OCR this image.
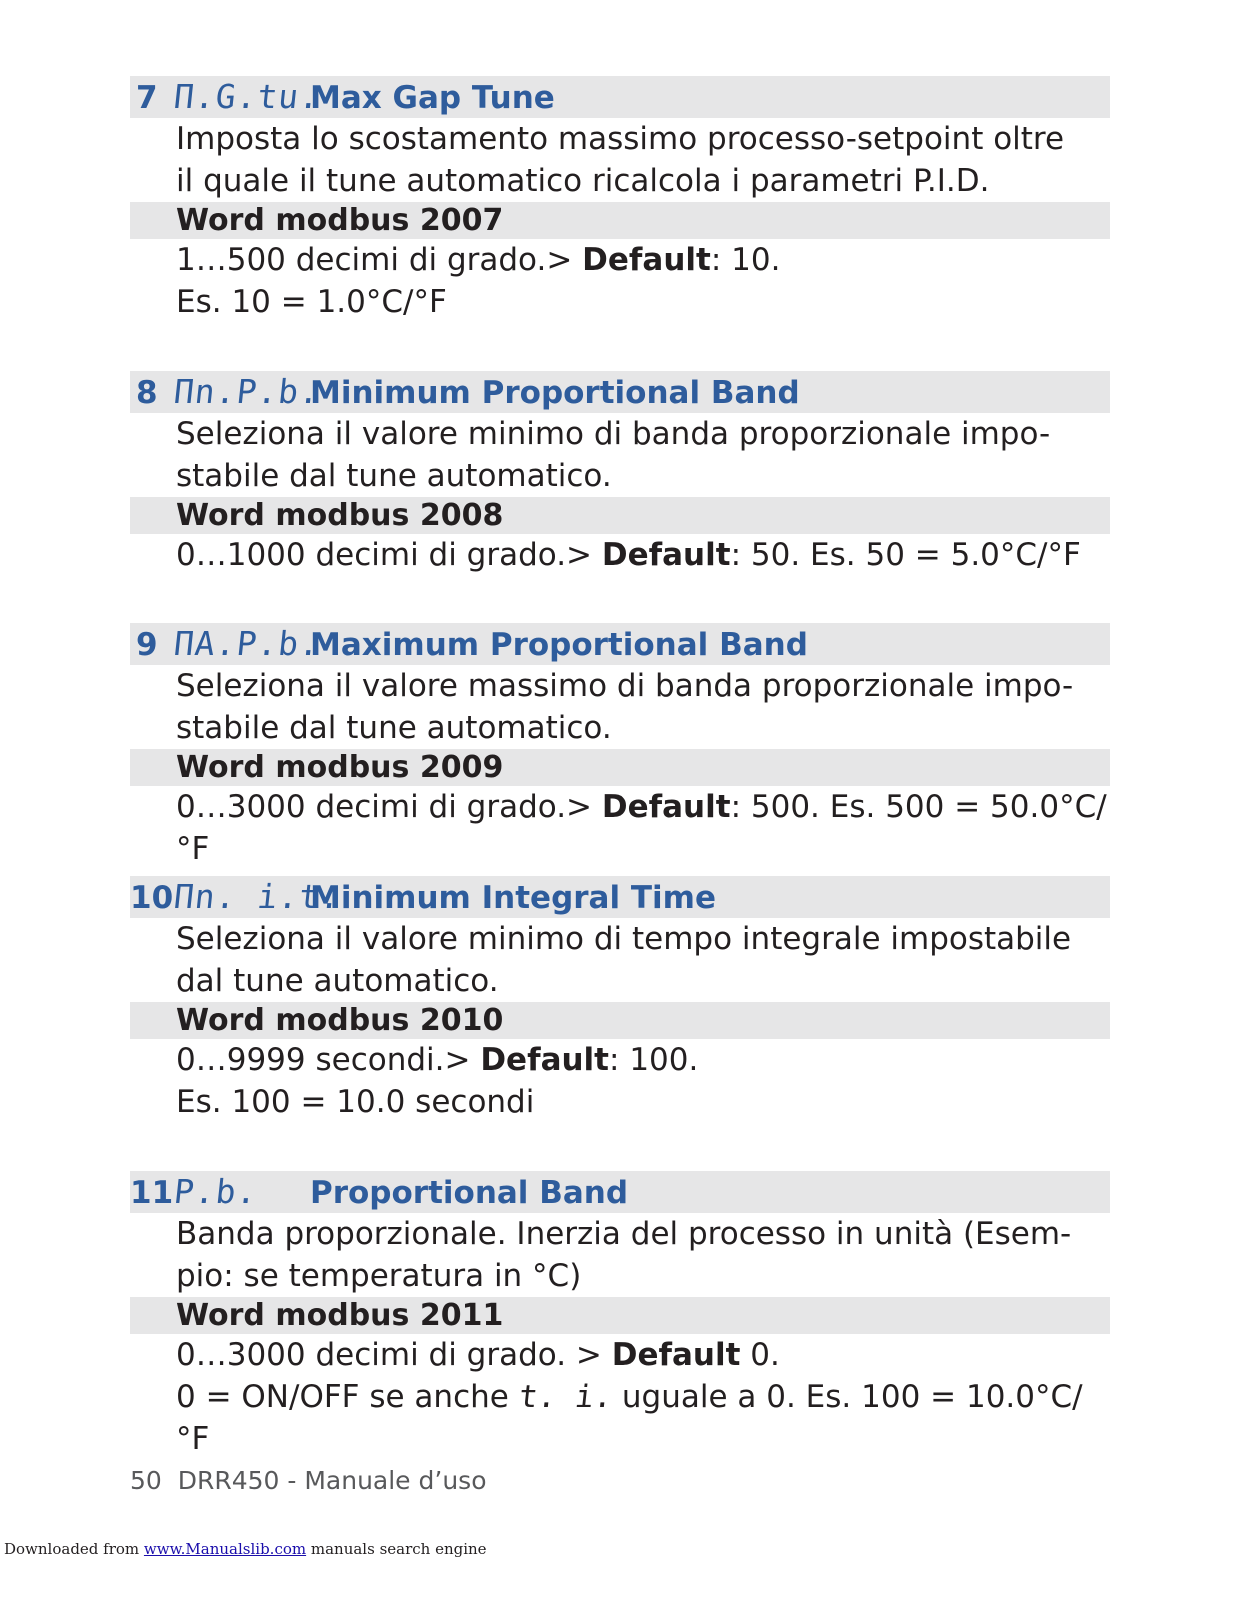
7 П.G.tu.
Max Gap Tune

Imposta lo scostamento massimo processo-setpoint oltre

il quale il tune automatico ricalcola i parametri P.I.D.

Word modbus 2007

1…500 decimi di grado.> Default: 10.

Es. 10 = 1.0°C/°F

8 Пn.P.b.
Minimum Proportional Band

Seleziona il valore minimo di banda proporzionale impo-

stabile dal tune automatico.

Word modbus 2008

0…1000 decimi di grado.> Default: 50. Es. 50 = 5.0°C/°F

9 ПA.P.b.
Maximum Proportional Band

Seleziona il valore massimo di banda proporzionale impo-

stabile dal tune automatico.

Word modbus 2009

0…3000 decimi di grado.> Default: 500. Es. 500 = 50.0°C/°F

10
Пn. i.t.
Minimum Integral Time

Seleziona il valore minimo di tempo integrale impostabile

dal tune automatico.

Word modbus 2010

0…9999 secondi.> Default: 100.

Es. 100 = 10.0 secondi

11
P.b. Proportional Band

Banda proporzionale. Inerzia del processo in unità (Esem-

pio: se temperatura in °C)

Word modbus 2011

0…3000 decimi di grado. > Default 0.

0 = ON/OFF se anche t. i. uguale a 0. Es. 100 = 10.0°C/°F

50 DRR450 - Manuale d’uso
Downloaded from www.Manualslib.com manuals search engine
